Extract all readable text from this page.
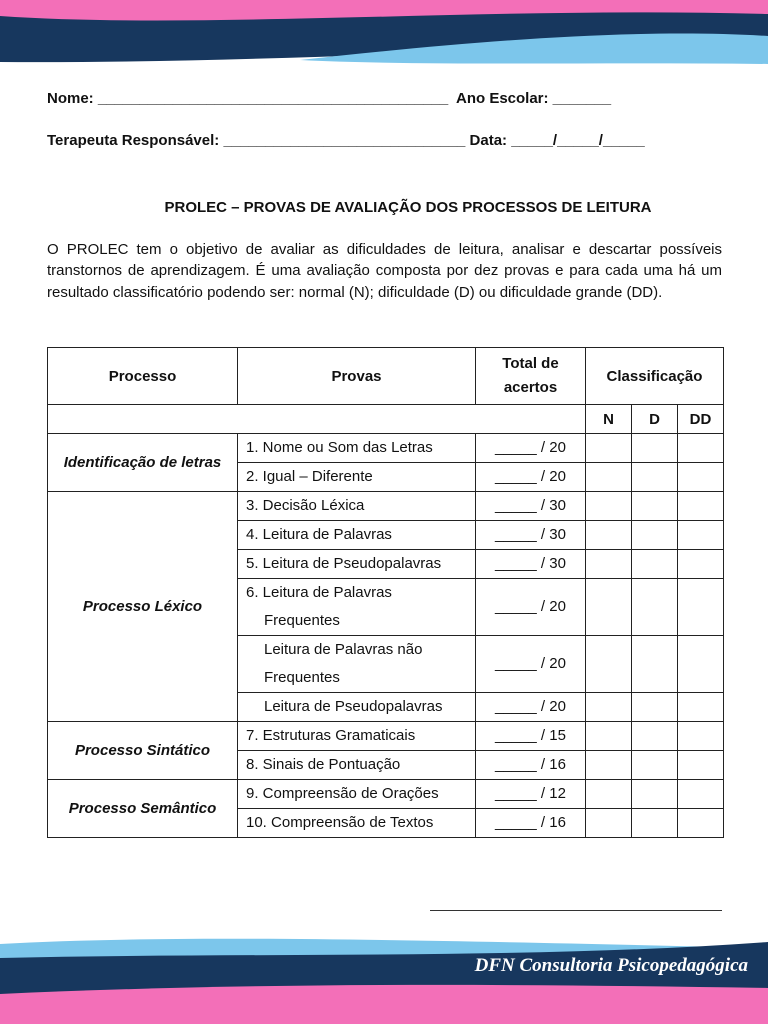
Nome: __________________________________________  Ano Escolar: _______
Terapeuta Responsável: _____________________________ Data: _____/_____/_____
PROLEC – PROVAS DE AVALIAÇÃO DOS PROCESSOS DE LEITURA
O PROLEC tem o objetivo de avaliar as dificuldades de leitura, analisar e descartar possíveis transtornos de aprendizagem. É uma avaliação composta por dez provas e para cada uma há um resultado classificatório podendo ser: normal (N); dificuldade (D) ou dificuldade grande (DD).
Processo	Provas	Total de acertos	Classificação		
			N	D	DD
Identificação de letras	1. Nome ou Som das Letras	_____ / 20			
	2. Igual – Diferente	_____ / 20			
Processo Léxico	3. Decisão Léxica	_____ / 30			
	4. Leitura de Palavras	_____ / 30			
	5. Leitura de Pseudopalavras	_____ / 30			

	6. Leitura de Palavras
Frequentes	_____ / 20			

	Leitura de Palavras não
Frequentes	_____ / 20			

	Leitura de Pseudopalavras	_____ / 20			
Processo Sintático	7. Estruturas Gramaticais	_____ / 15			
	8. Sinais de Pontuação	_____ / 16			
Processo Semântico	9. Compreensão de Orações	_____ / 12			
	10. Compreensão de Textos	_____ / 16			
DFN Consultoria Psicopedagógica
